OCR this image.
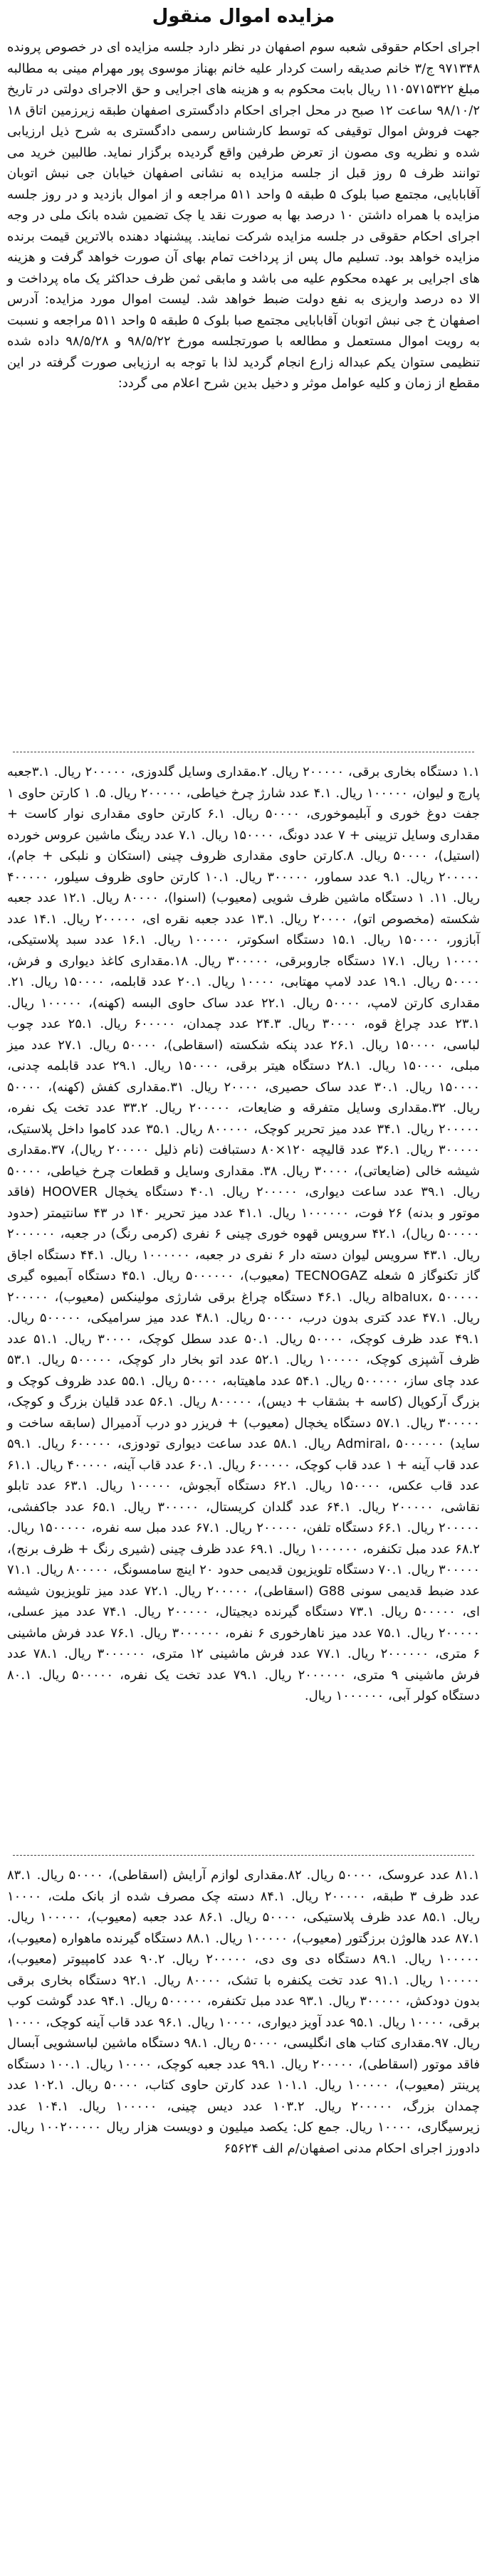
مزایده اموال منقول

اجرای احکام حقوقی شعبه سوم اصفهان در نظر دارد جلسه مزایده ای در خصوص پرونده ۹۷۱۳۴۸ ج/۳ خانم صدیقه راست کردار علیه خانم بهناز موسوی پور مهرام مینی به مطالبه مبلغ ۱۱۰۵۷۱۵۳۲۲ ریال بابت محکوم به و هزینه های اجرایی و حق الاجرای دولتی در تاریخ ۹۸/۱۰/۲ ساعت ۱۲ صبح در محل اجرای احکام دادگستری اصفهان طبقه زیرزمین اتاق ۱۸ جهت فروش اموال توقیفی که توسط کارشناس رسمی دادگستری به شرح ذیل ارزیابی شده و نظریه وی مصون از تعرض طرفین واقع گردیده برگزار نماید. طالبین خرید می توانند ظرف ۵ روز قبل از جلسه مزایده به نشانی اصفهان خیابان جی نبش اتوبان آقابابایی، مجتمع صبا بلوک ۵ طبقه ۵ واحد ۵۱۱ مراجعه و از اموال بازدید و در روز جلسه مزایده با همراه داشتن ۱۰ درصد بها به صورت نقد یا چک تضمین شده بانک ملی در وجه اجرای احکام حقوقی در جلسه مزایده شرکت نمایند. پیشنهاد دهنده بالاترین قیمت برنده مزایده خواهد بود. تسلیم مال پس از پرداخت تمام بهای آن صورت خواهد گرفت و هزینه های اجرایی بر عهده محکوم علیه می باشد و مابقی ثمن ظرف حداکثر یک ماه پرداخت و الا ده درصد واریزی به نفع دولت ضبط خواهد شد. لیست اموال مورد مزایده: آدرس اصفهان خ جی نبش اتوبان آقابابایی مجتمع صبا بلوک ۵ طبقه ۵ واحد ۵۱۱ مراجعه و نسبت به رویت اموال مستعمل و مطالعه با صورتجلسه مورخ ۹۸/۵/۲۲ و ۹۸/۵/۲۸ داده شده تنظیمی ستوان یکم عبداله زارع انجام گردید لذا با توجه به ارزیابی صورت گرفته در این مقطع از زمان و کلیه عوامل موثر و دخیل بدین شرح اعلام می گردد:

۱.۱ دستگاه بخاری برقی، ۲۰۰۰۰۰ ریال. ۲.مقداری وسایل گلدوزی، ۲۰۰۰۰۰ ریال. ۳.۱جعبه پارچ و لیوان، ۱۰۰۰۰۰ ریال. ۴.۱ عدد شارژ چرخ خیاطی، ۲۰۰۰۰۰ ریال. ۵. ۱ کارتن حاوی ۱ جفت دوغ خوری و آبلیموخوری، ۵۰۰۰۰ ریال. ۶.۱ کارتن حاوی مقداری نوار کاست + مقداری وسایل تزیینی + ۷ عدد دونگ، ۱۵۰۰۰۰ ریال. ۷.۱ عدد رینگ ماشین عروس خورده (استیل)، ۵۰۰۰۰ ریال. ۸.کارتن حاوی مقداری ظروف چینی (استکان و نلبکی + جام)، ۲۰۰۰۰۰ ریال. ۹.۱ عدد سماور، ۳۰۰۰۰۰ ریال. ۱۰.۱ کارتن حاوی ظروف سیلور، ۴۰۰۰۰۰ ریال. ۱۱. ۱ دستگاه ماشین ظرف شویی (معیوب) (اسنوا)، ۸۰۰۰۰ ریال. ۱۲.۱ عدد جعبه شکسته (مخصوص اتو)، ۲۰۰۰۰ ریال. ۱۳.۱ عدد جعبه نقره ای، ۲۰۰۰۰۰ ریال. ۱۴.۱ عدد آبازور، ۱۵۰۰۰۰ ریال. ۱۵.۱ دستگاه اسکوتر، ۱۰۰۰۰۰ ریال. ۱۶.۱ عدد سبد پلاستیکی، ۱۰۰۰۰ ریال. ۱۷.۱ دستگاه جاروبرقی، ۳۰۰۰۰۰ ریال. ۱۸.مقداری کاغذ دیواری و فرش، ۵۰۰۰۰ ریال. ۱۹.۱ عدد لامپ مهتابی، ۱۰۰۰۰ ریال. ۲۰.۱ عدد قابلمه، ۱۵۰۰۰۰ ریال. ۲۱. مقداری کارتن لامپ، ۵۰۰۰۰ ریال. ۲۲.۱ عدد ساک حاوی البسه (کهنه)، ۱۰۰۰۰۰ ریال. ۲۳.۱ عدد چراغ قوه، ۳۰۰۰۰ ریال. ۲۴.۳ عدد چمدان، ۶۰۰۰۰۰ ریال. ۲۵.۱ عدد چوب لباسی، ۱۵۰۰۰۰ ریال. ۲۶.۱ عدد پنکه شکسته (اسقاطی)، ۵۰۰۰۰ ریال. ۲۷.۱ عدد میز مبلی، ۱۵۰۰۰۰ ریال. ۲۸.۱ دستگاه هیتر برقی، ۱۵۰۰۰۰ ریال. ۲۹.۱ عدد قابلمه چدنی، ۱۵۰۰۰۰ ریال. ۳۰.۱ عدد ساک حصیری، ۲۰۰۰۰ ریال. ۳۱.مقداری کفش (کهنه)، ۵۰۰۰۰ ریال. ۳۲.مقداری وسایل متفرقه و ضایعات، ۲۰۰۰۰۰ ریال. ۳۳.۲ عدد تخت یک نفره، ۲۰۰۰۰۰ ریال. ۳۴.۱ عدد میز تحریر کوچک، ۸۰۰۰۰۰ ریال. ۳۵.۱ عدد کاموا داخل پلاستیک، ۳۰۰۰۰۰ ریال. ۳۶.۱ عدد قالیچه ۱۲۰×۸۰ دستبافت (نام ذلیل ۲۰۰۰۰۰ ریال)، ۳۷.مقداری شیشه خالی (ضایعاتی)، ۳۰۰۰۰ ریال. ۳۸. مقداری وسایل و قطعات چرخ خیاطی، ۵۰۰۰۰ ریال. ۳۹.۱ عدد ساعت دیواری، ۲۰۰۰۰۰ ریال. ۴۰.۱ دستگاه یخچال HOOVER (فاقد موتور و بدنه) ۲۶ فوت، ۱۰۰۰۰۰۰ ریال. ۴۱.۱ عدد میز تحریر ۱۴۰ در ۴۳ سانتیمتر (حدود ۵۰۰۰۰۰ ریال)، ۴۲.۱ سرویس قهوه خوری چینی ۶ نفری (کرمی رنگ) در جعبه، ۲۰۰۰۰۰۰ ریال. ۴۳.۱ سرویس لیوان دسته دار ۶ نفری در جعبه، ۱۰۰۰۰۰۰ ریال. ۴۴.۱ دستگاه اجاق گاز تکنوگاز ۵ شعله TECNOGAZ (معیوب)، ۵۰۰۰۰۰۰ ریال. ۴۵.۱ دستگاه آبمیوه گیری albalux، ۵۰۰۰۰۰ ریال. ۴۶.۱ دستگاه چراغ برقی شارژی مولینکس (معیوب)، ۲۰۰۰۰۰ ریال. ۴۷.۱ عدد کتری بدون درب، ۵۰۰۰۰ ریال. ۴۸.۱ عدد میز سرامیکی، ۵۰۰۰۰۰ ریال. ۴۹.۱ عدد ظرف کوچک، ۵۰۰۰۰ ریال. ۵۰.۱ عدد سطل کوچک، ۳۰۰۰۰ ریال. ۵۱.۱ عدد ظرف آشپزی کوچک، ۱۰۰۰۰۰ ریال. ۵۲.۱ عدد اتو بخار دار کوچک، ۵۰۰۰۰۰ ریال. ۵۳.۱ عدد چای ساز، ۵۰۰۰۰۰ ریال. ۵۴.۱ عدد ماهیتابه، ۵۰۰۰۰ ریال. ۵۵.۱ عدد ظروف کوچک و بزرگ آرکوپال (کاسه + بشقاب + دیس)، ۸۰۰۰۰۰ ریال. ۵۶.۱ عدد قلیان بزرگ و کوچک، ۳۰۰۰۰۰ ریال. ۵۷.۱ دستگاه یخچال (معیوب) + فریزر دو درب آدمیرال (سابقه ساخت و ساید) Admiral، ۵۰۰۰۰۰۰ ریال. ۵۸.۱ عدد ساعت دیواری تودوزی، ۶۰۰۰۰۰ ریال. ۵۹.۱ عدد قاب آینه + ۱ عدد قاب کوچک، ۶۰۰۰۰۰ ریال. ۶۰.۱ عدد قاب آینه، ۴۰۰۰۰۰ ریال. ۶۱.۱ عدد قاب عکس، ۱۵۰۰۰۰ ریال. ۶۲.۱ دستگاه آبجوش، ۱۰۰۰۰۰ ریال. ۶۳.۱ عدد تابلو نقاشی، ۲۰۰۰۰۰ ریال. ۶۴.۱ عدد گلدان کریستال، ۳۰۰۰۰۰ ریال. ۶۵.۱ عدد جاکفشی، ۲۰۰۰۰۰ ریال. ۶۶.۱ دستگاه تلفن، ۲۰۰۰۰۰ ریال. ۶۷.۱ عدد مبل سه نفره، ۱۵۰۰۰۰۰ ریال. ۶۸.۲ عدد مبل تکنفره، ۱۰۰۰۰۰۰ ریال. ۶۹.۱ عدد ظرف چینی (شیری رنگ + ظرف برنج)، ۳۰۰۰۰۰ ریال. ۷۰.۱ دستگاه تلویزیون قدیمی حدود ۲۰ اینچ سامسونگ، ۸۰۰۰۰۰ ریال. ۷۱.۱ عدد ضبط قدیمی سونی G88 (اسقاطی)، ۲۰۰۰۰۰ ریال. ۷۲.۱ عدد میز تلویزیون شیشه ای، ۵۰۰۰۰۰ ریال. ۷۳.۱ دستگاه گیرنده دیجیتال، ۲۰۰۰۰۰ ریال. ۷۴.۱ عدد میز عسلی، ۲۰۰۰۰۰ ریال. ۷۵.۱ عدد میز ناهارخوری ۶ نفره، ۳۰۰۰۰۰۰ ریال. ۷۶.۱ عدد فرش ماشینی ۶ متری، ۲۰۰۰۰۰۰ ریال. ۷۷.۱ عدد فرش ماشینی ۱۲ متری، ۳۰۰۰۰۰۰ ریال. ۷۸.۱ عدد فرش ماشینی ۹ متری، ۲۰۰۰۰۰۰ ریال. ۷۹.۱ عدد تخت یک نفره، ۵۰۰۰۰۰ ریال. ۸۰.۱ دستگاه کولر آبی، ۱۰۰۰۰۰۰ ریال.

۸۱.۱ عدد عروسک، ۵۰۰۰۰ ریال. ۸۲.مقداری لوازم آرایش (اسقاطی)، ۵۰۰۰۰ ریال. ۸۳.۱ عدد ظرف ۳ طبقه، ۲۰۰۰۰۰ ریال. ۸۴.۱ دسته چک مصرف شده از بانک ملت، ۱۰۰۰۰ ریال. ۸۵.۱ عدد ظرف پلاستیکی، ۵۰۰۰۰ ریال. ۸۶.۱ عدد جعبه (معیوب)، ۱۰۰۰۰۰ ریال. ۸۷.۱ عدد هالوژن برزگتور (معیوب)، ۱۰۰۰۰۰ ریال. ۸۸.۱ دستگاه گیرنده ماهواره (معیوب)، ۱۰۰۰۰۰ ریال. ۸۹.۱ دستگاه دی وی دی، ۲۰۰۰۰۰ ریال. ۹۰.۲ عدد کامپیوتر (معیوب)، ۱۰۰۰۰۰ ریال. ۹۱.۱ عدد تخت یکنفره با تشک، ۸۰۰۰۰ ریال. ۹۲.۱ دستگاه بخاری برقی بدون دودکش، ۳۰۰۰۰۰ ریال. ۹۳.۱ عدد مبل تکنفره، ۵۰۰۰۰۰ ریال. ۹۴.۱ عدد گوشت کوب برقی، ۱۰۰۰۰ ریال. ۹۵.۱ عدد آویز دیواری، ۱۰۰۰۰ ریال. ۹۶.۱ عدد قاب آینه کوچک، ۱۰۰۰۰ ریال. ۹۷.مقداری کتاب های انگلیسی، ۵۰۰۰۰ ریال. ۹۸.۱ دستگاه ماشین لباسشویی آبسال فاقد موتور (اسقاطی)، ۲۰۰۰۰۰ ریال. ۹۹.۱ عدد جعبه کوچک، ۱۰۰۰۰ ریال. ۱۰۰.۱ دستگاه پرینتر (معیوب)، ۱۰۰۰۰۰ ریال. ۱۰۱.۱ عدد کارتن حاوی کتاب، ۵۰۰۰۰ ریال. ۱۰۲.۱ عدد چمدان بزرگ، ۲۰۰۰۰۰ ریال. ۱۰۳.۲ عدد دیس چینی، ۱۰۰۰۰۰ ریال. ۱۰۴.۱ عدد زیرسیگاری، ۱۰۰۰۰ ریال. جمع کل: یکصد میلیون و دویست هزار ریال ۱۰۰۲۰۰۰۰۰ ریال. دادورز اجرای احکام مدنی اصفهان/م الف ۶۵۶۲۴
